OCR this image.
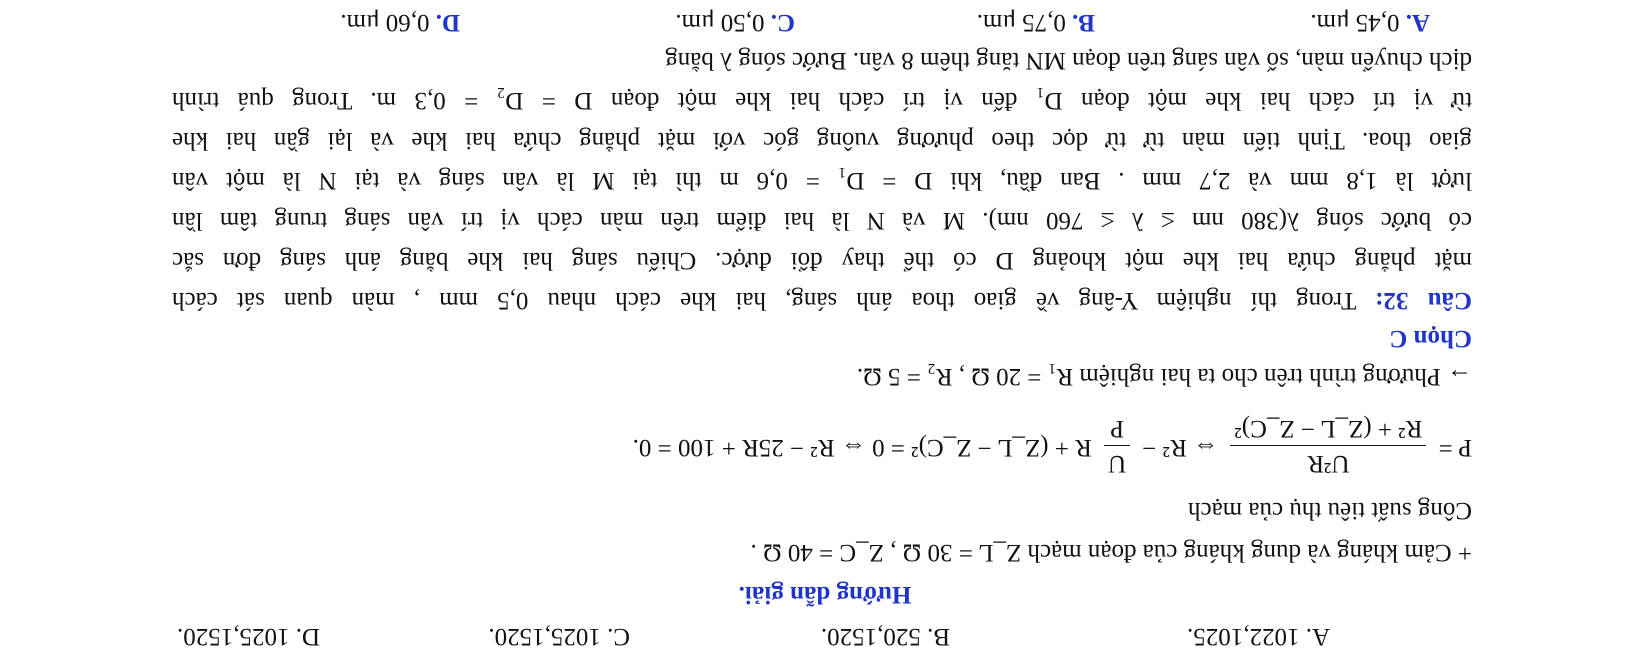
A. 1022,1025.
B. 520,1520.
C. 1025,1520.
D. 1025,1520.
Hướng dẫn giải.
+ Cảm kháng và dung kháng của đoạn mạch Z_L = 30 Ω , Z_C = 40 Ω .
Công suất tiêu thụ của mạch
P =
U²R
R² + (Z_L − Z_C)²
⇔ R² −
U
P
R + (Z_L − Z_C)² = 0 ⇔ R² − 25R + 100 = 0.
→ Phương trình trên cho ta hai nghiệm R₁ = 20 Ω , R₂ = 5 Ω.
Chọn C
Câu 32: Trong thí nghiệm Y-âng về giao thoa ánh sáng, hai khe cách nhau 0,5 mm , màn quan sát cách
mặt phẳng chứa hai khe một khoảng D có thể thay đổi được. Chiếu sáng hai khe bằng ánh sáng đơn sắc
có bước sóng λ(380 nm ≤ λ ≤ 760 nm). M và N là hai điểm trên màn cách vị trí vân sáng trung tâm lần
lượt là 1,8 mm và 2,7 mm . Ban đầu, khi D = D₁ = 0,6 m thì tại M là vân sáng và tại N là một vân
giao thoa. Tịnh tiến màn từ từ dọc theo phương vuông góc với mặt phẳng chứa hai khe và lại gần hai khe
từ vị trí cách hai khe một đoạn D₁ đến vị trí cách hai khe một đoạn D = D₂ = 0,3 m. Trong quá trình
dịch chuyển màn, số vân sáng trên đoạn MN tăng thêm 8 vân. Bước sóng λ bằng
A. 0,45 μm.
B. 0,75 μm.
C. 0,50 μm.
D. 0,60 μm.
